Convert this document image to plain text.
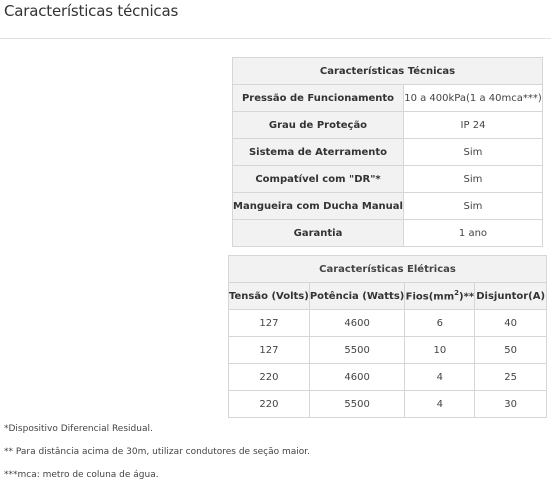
Características técnicas
Características Técnicas	
Pressão de Funcionamento	10 a 400kPa(1 a 40mca***)
Grau de Proteção	IP 24
Sistema de Aterramento	Sim
Compatível com "DR"*	Sim
Mangueira com Ducha Manual	Sim
Garantia	1 ano
Características Elétricas			
Tensão (Volts)	Potência (Watts)	$Fios(mm^2)**$	Disjuntor(A)
127	4600	6	40
127	5500	10	50
220	4600	4	25
220	5500	4	30
*Dispositivo Diferencial Residual.
** Para distância acima de 30m, utilizar condutores de seção maior.
***mca: metro de coluna de água.
